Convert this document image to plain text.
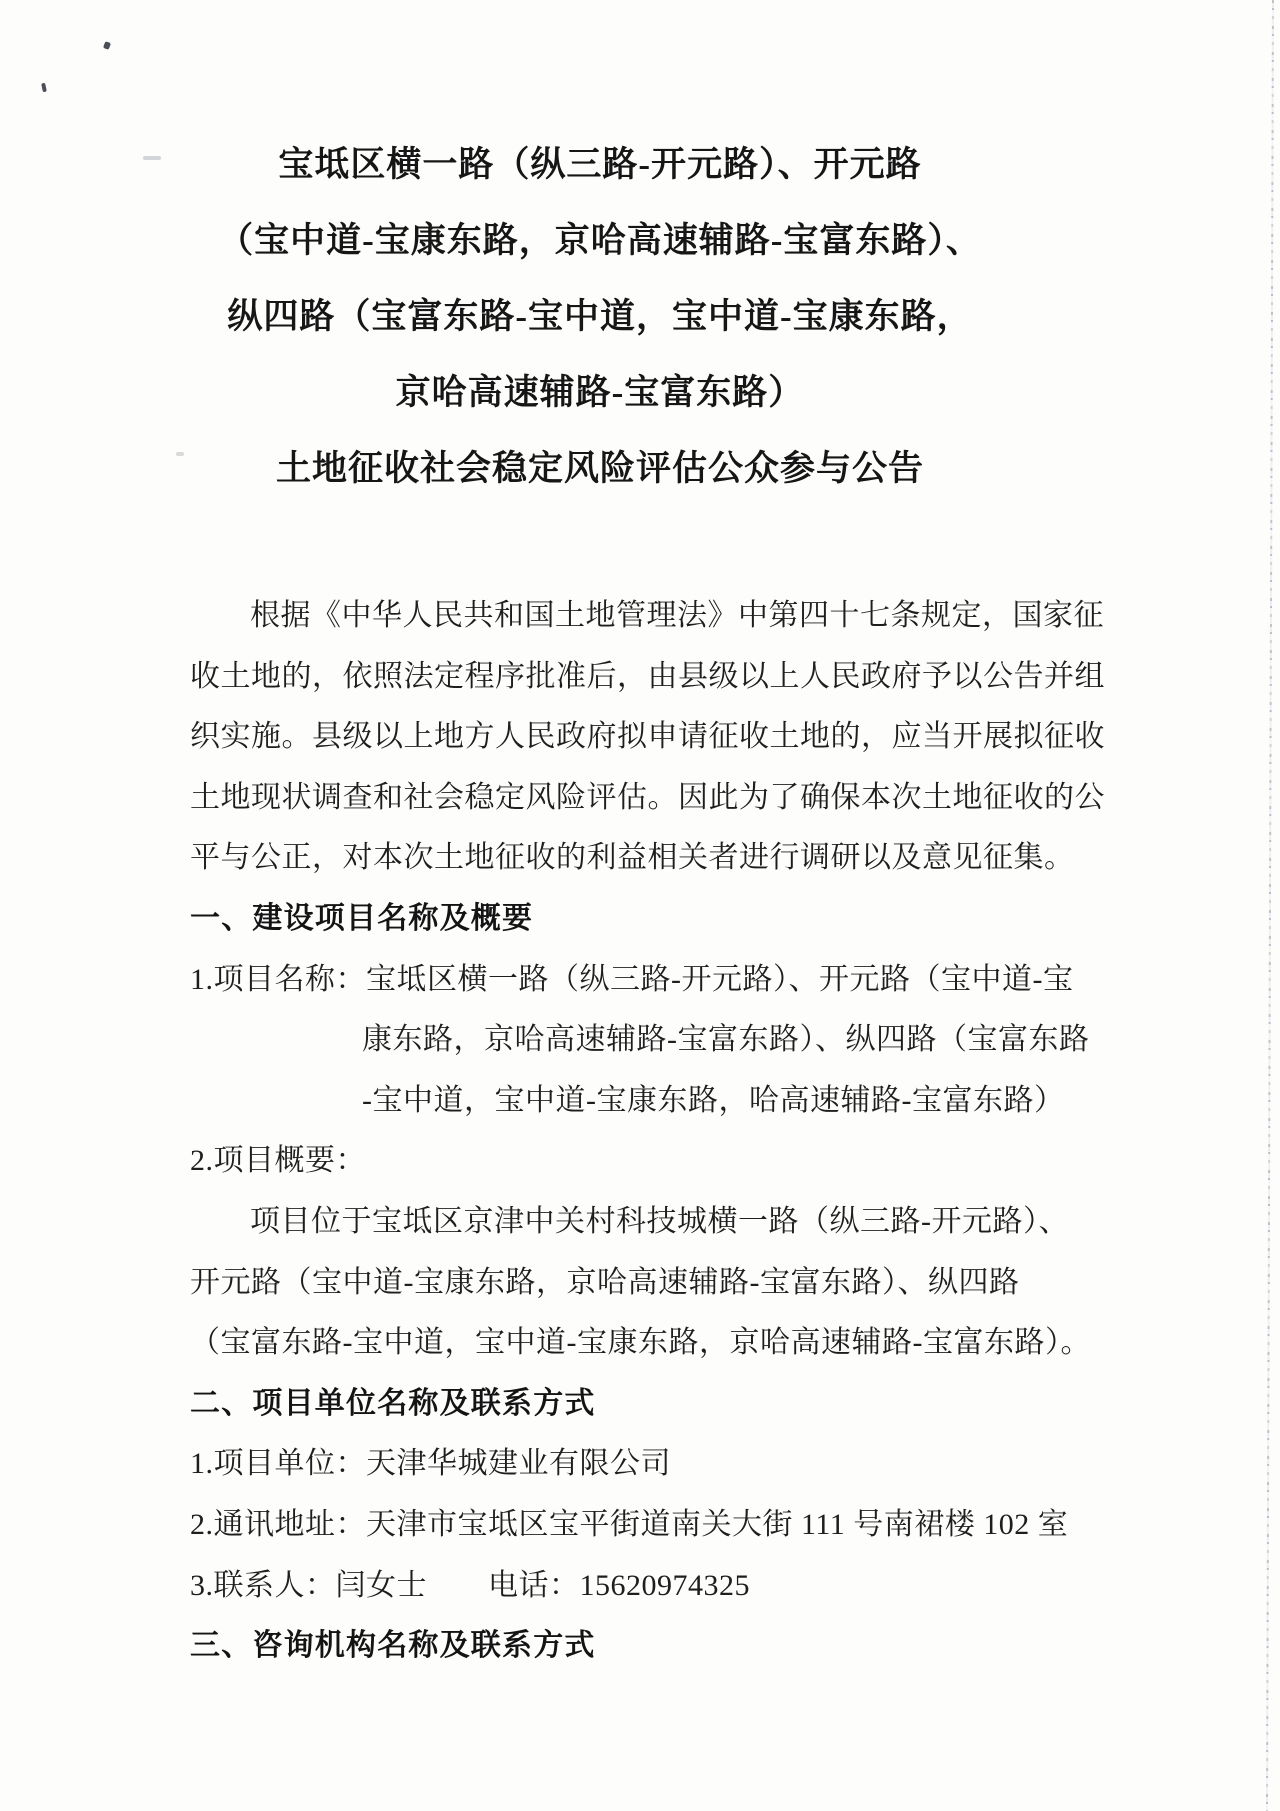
宝坻区横一路（纵三路-开元路）、开元路
（宝中道-宝康东路，京哈高速辅路-宝富东路）、
纵四路（宝富东路-宝中道，宝中道-宝康东路，
京哈高速辅路-宝富东路）
土地征收社会稳定风险评估公众参与公告
根据《中华人民共和国土地管理法》中第四十七条规定，国家征
收土地的，依照法定程序批准后，由县级以上人民政府予以公告并组
织实施。县级以上地方人民政府拟申请征收土地的，应当开展拟征收
土地现状调查和社会稳定风险评估。因此为了确保本次土地征收的公
平与公正，对本次土地征收的利益相关者进行调研以及意见征集。
一、建设项目名称及概要
1.项目名称：宝坻区横一路（纵三路-开元路）、开元路（宝中道-宝
康东路，京哈高速辅路-宝富东路）、纵四路（宝富东路
-宝中道，宝中道-宝康东路，哈高速辅路-宝富东路）
2.项目概要：
项目位于宝坻区京津中关村科技城横一路（纵三路-开元路）、
开元路（宝中道-宝康东路，京哈高速辅路-宝富东路）、纵四路
（宝富东路-宝中道，宝中道-宝康东路，京哈高速辅路-宝富东路）。
二、项目单位名称及联系方式
1.项目单位：天津华城建业有限公司
2.通讯地址：天津市宝坻区宝平街道南关大街 111 号南裙楼 102 室
3.联系人：闫女士　　电话：15620974325
三、咨询机构名称及联系方式
